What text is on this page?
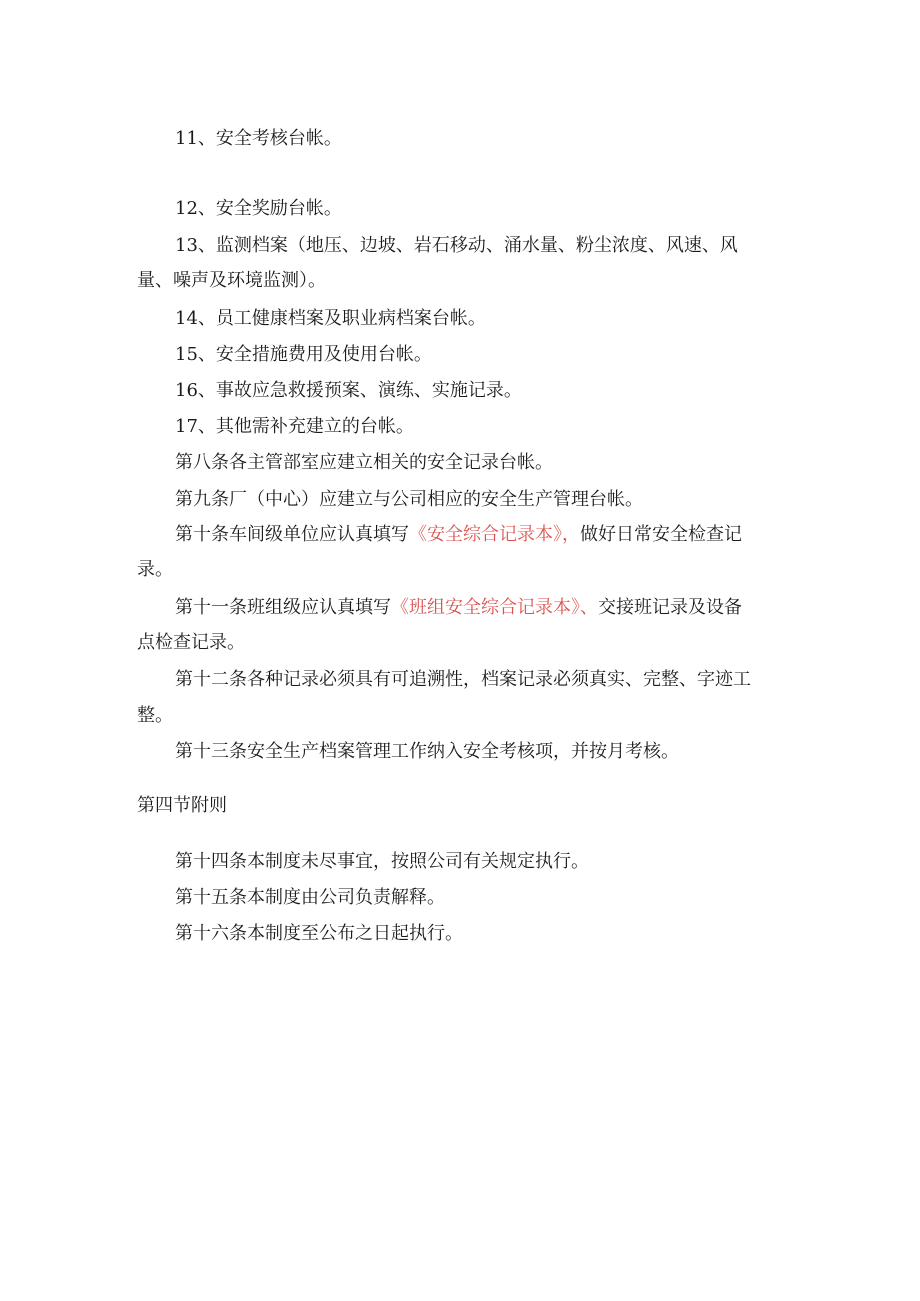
11、安全考核台帐。
12、安全奖励台帐。
13、监测档案（地压、边坡、岩石移动、涌水量、粉尘浓度、风速、风
量、噪声及环境监测）。
14、员工健康档案及职业病档案台帐。
15、安全措施费用及使用台帐。
16、事故应急救援预案、演练、实施记录。
17、其他需补充建立的台帐。
第八条各主管部室应建立相关的安全记录台帐。
第九条厂（中心）应建立与公司相应的安全生产管理台帐。
第十条车间级单位应认真填写《安全综合记录本》，做好日常安全检查记
录。
第十一条班组级应认真填写《班组安全综合记录本》、交接班记录及设备
点检查记录。
第十二条各种记录必须具有可追溯性，档案记录必须真实、完整、字迹工
整。
第十三条安全生产档案管理工作纳入安全考核项，并按月考核。
第四节附则
第十四条本制度未尽事宜，按照公司有关规定执行。
第十五条本制度由公司负责解释。
第十六条本制度至公布之日起执行。
